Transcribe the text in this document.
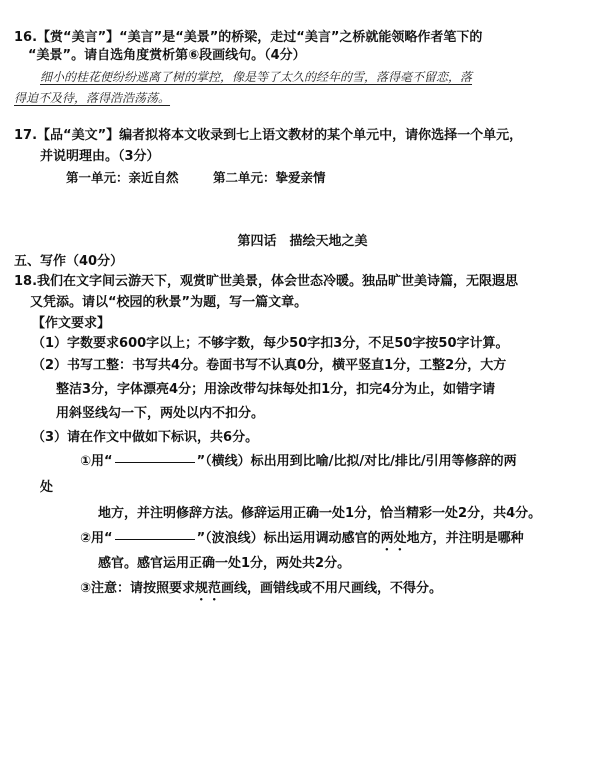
16.【赏“美言”】“美言”是“美景”的桥梁，走过“美言”之桥就能领略作者笔下的
“美景”。请自选角度赏析第⑥段画线句。（4分）
细小的桂花便纷纷逃离了树的掌控，像是等了太久的经年的雪，落得毫不留恋，落
得迫不及待，落得浩浩荡荡。
17.【品“美文”】编者拟将本文收录到七上语文教材的某个单元中，请你选择一个单元，
并说明理由。（3分）
第一单元：亲近自然	第二单元：挚爱亲情
第四话　描绘天地之美
五、写作（40分）
18.我们在文字间云游天下，观赏旷世美景，体会世态冷暖。独品旷世美诗篇，无限遐思
又凭添。请以“校园的秋景”为题，写一篇文章。
【作文要求】
（1）字数要求600字以上；不够字数，每少50字扣3分，不足50字按50字计算。
（2）书写工整：书写共4分。卷面书写不认真0分，横平竖直1分，工整2分，大方
整洁3分，字体漂亮4分；用涂改带勾抹每处扣1分，扣完4分为止，如错字请
用斜竖线勾一下，两处以内不扣分。
（3）请在作文中做如下标识，共6分。
①用“	”（横线）标出用到比喻/比拟/对比/排比/引用等修辞的两
处
地方，并注明修辞方法。修辞运用正确一处1分，恰当精彩一处2分，共4分。
②用“	”（波浪线）标出运用调动感官的两处地方，并注明是哪种
感官。感官运用正确一处1分，两处共2分。
③注意：请按照要求规范画线，画错线或不用尺画线，不得分。
